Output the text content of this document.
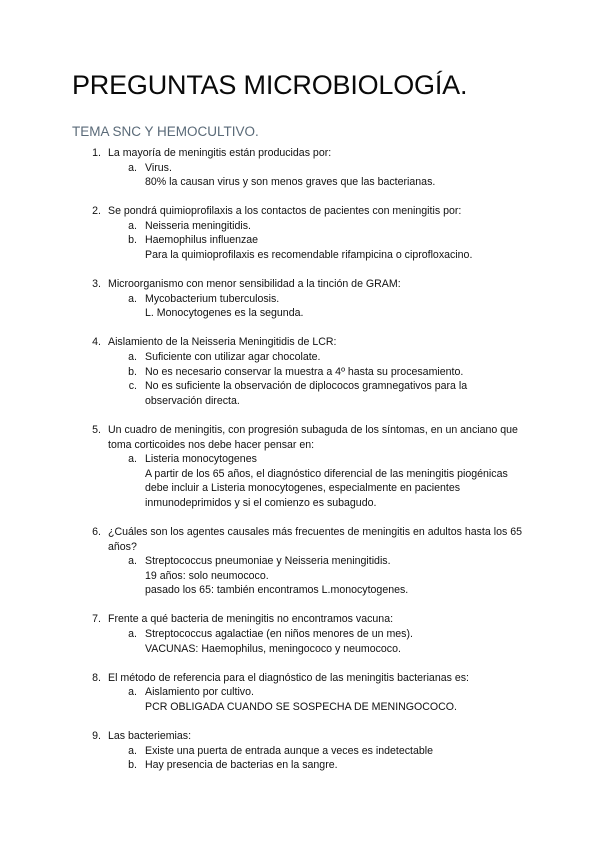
PREGUNTAS MICROBIOLOGÍA.
TEMA SNC Y HEMOCULTIVO.
1. La mayoría de meningitis están producidas por:
a. Virus.
80% la causan virus y son menos graves que las bacterianas.
2. Se pondrá quimioprofilaxis a los contactos de pacientes con meningitis por:
a. Neisseria meningitidis.
b. Haemophilus influenzae
Para la quimioprofilaxis es recomendable rifampicina o ciprofloxacino.
3. Microorganismo con menor sensibilidad a la tinción de GRAM:
a. Mycobacterium tuberculosis.
L. Monocytogenes es la segunda.
4. Aislamiento de la Neisseria Meningitidis de LCR:
a. Suficiente con utilizar agar chocolate.
b. No es necesario conservar la muestra a 4º hasta su procesamiento.
c. No es suficiente la observación de diplococos gramnegativos para la observación directa.
5. Un cuadro de meningitis, con progresión subaguda de los síntomas, en un anciano que toma corticoides nos debe hacer pensar en:
a. Listeria monocytogenes
A partir de los 65 años, el diagnóstico diferencial de las meningitis piogénicas debe incluir a Listeria monocytogenes, especialmente en pacientes inmunodeprimidos y si el comienzo es subagudo.
6. ¿Cuáles son los agentes causales más frecuentes de meningitis en adultos hasta los 65 años?
a. Streptococcus pneumoniae y Neisseria meningitidis.
19 años: solo neumococo.
pasado los 65: también encontramos L.monocytogenes.
7. Frente a qué bacteria de meningitis no encontramos vacuna:
a. Streptococcus agalactiae (en niños menores de un mes).
VACUNAS: Haemophilus, meningococo y neumococo.
8. El método de referencia para el diagnóstico de las meningitis bacterianas es:
a. Aislamiento por cultivo.
PCR OBLIGADA CUANDO SE SOSPECHA DE MENINGOCOCO.
9. Las bacteriemias:
a. Existe una puerta de entrada aunque a veces es indetectable
b. Hay presencia de bacterias en la sangre.
